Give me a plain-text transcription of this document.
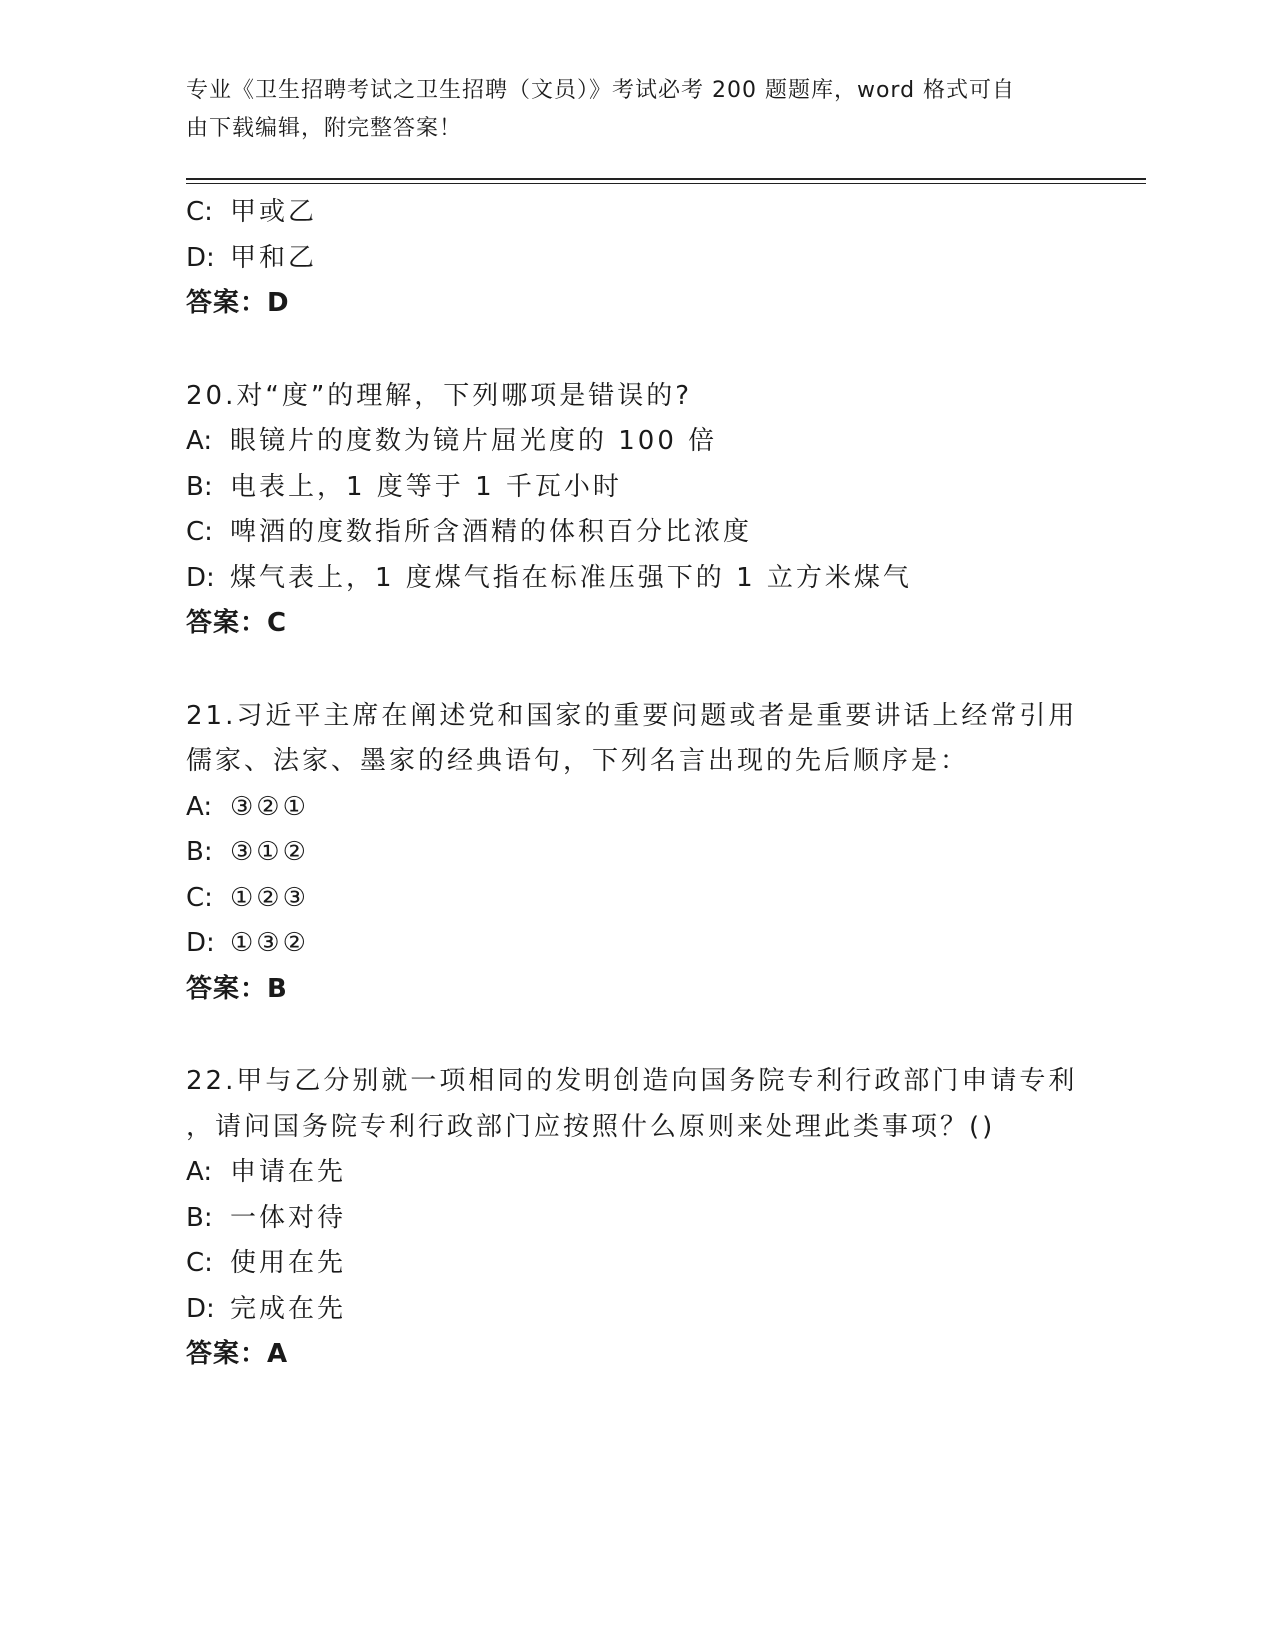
专业《卫生招聘考试之卫生招聘（文员）》考试必考 200 题题库，word 格式可自
由下载编辑，附完整答案！
C: 甲或乙
D: 甲和乙
答案：D
20.对“度”的理解，下列哪项是错误的?
A: 眼镜片的度数为镜片屈光度的 100 倍
B: 电表上，1 度等于 1 千瓦小时
C: 啤酒的度数指所含酒精的体积百分比浓度
D: 煤气表上，1 度煤气指在标准压强下的 1 立方米煤气
答案：C
21.习近平主席在阐述党和国家的重要问题或者是重要讲话上经常引用
儒家、法家、墨家的经典语句，下列名言出现的先后顺序是：
A: ③②①
B: ③①②
C: ①②③
D: ①③②
答案：B
22.甲与乙分别就一项相同的发明创造向国务院专利行政部门申请专利
，请问国务院专利行政部门应按照什么原则来处理此类事项？()
A: 申请在先
B: 一体对待
C: 使用在先
D: 完成在先
答案：A
